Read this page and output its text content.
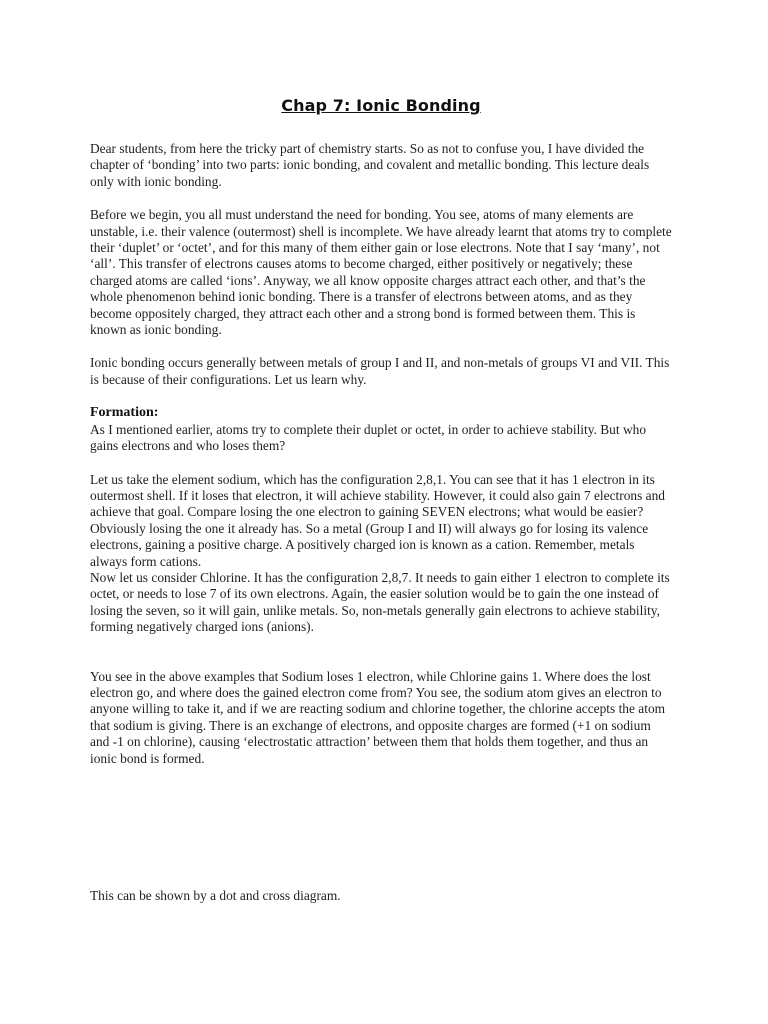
Chap 7: Ionic Bonding

Dear students, from here the tricky part of chemistry starts. So as not to confuse you, I have divided the chapter of ‘bonding’ into two parts: ionic bonding, and covalent and metallic bonding. This lecture deals only with ionic bonding.

Before we begin, you all must understand the need for bonding. You see, atoms of many elements are unstable, i.e. their valence (outermost) shell is incomplete. We have already learnt that atoms try to complete their ‘duplet’ or ‘octet’, and for this many of them either gain or lose electrons. Note that I say ‘many’, not ‘all’. This transfer of electrons causes atoms to become charged, either positively or negatively; these charged atoms are called ‘ions’. Anyway, we all know opposite charges attract each other, and that’s the whole phenomenon behind ionic bonding. There is a transfer of electrons between atoms, and as they become oppositely charged, they attract each other and a strong bond is formed between them. This is known as ionic bonding.

Ionic bonding occurs generally between metals of group I and II, and non-metals of groups VI and VII. This is because of their configurations. Let us learn why.

Formation:

As I mentioned earlier, atoms try to complete their duplet or octet, in order to achieve stability. But who gains electrons and who loses them?

Let us take the element sodium, which has the configuration 2,8,1. You can see that it has 1 electron in its outermost shell. If it loses that electron, it will achieve stability. However, it could also gain 7 electrons and achieve that goal. Compare losing the one electron to gaining SEVEN electrons; what would be easier? Obviously losing the one it already has. So a metal (Group I and II) will always go for losing its valence electrons, gaining a positive charge. A positively charged ion is known as a cation. Remember, metals always form cations.

Now let us consider Chlorine. It has the configuration 2,8,7. It needs to gain either 1 electron to complete its octet, or needs to lose 7 of its own electrons. Again, the easier solution would be to gain the one instead of losing the seven, so it will gain, unlike metals. So, non-metals generally gain electrons to achieve stability, forming negatively charged ions (anions).

You see in the above examples that Sodium loses 1 electron, while Chlorine gains 1. Where does the lost electron go, and where does the gained electron come from? You see, the sodium atom gives an electron to anyone willing to take it, and if we are reacting sodium and chlorine together, the chlorine accepts the atom that sodium is giving. There is an exchange of electrons, and opposite charges are formed (+1 on sodium and -1 on chlorine), causing ‘electrostatic attraction’ between them that holds them together, and thus an ionic bond is formed.

This can be shown by a dot and cross diagram.
